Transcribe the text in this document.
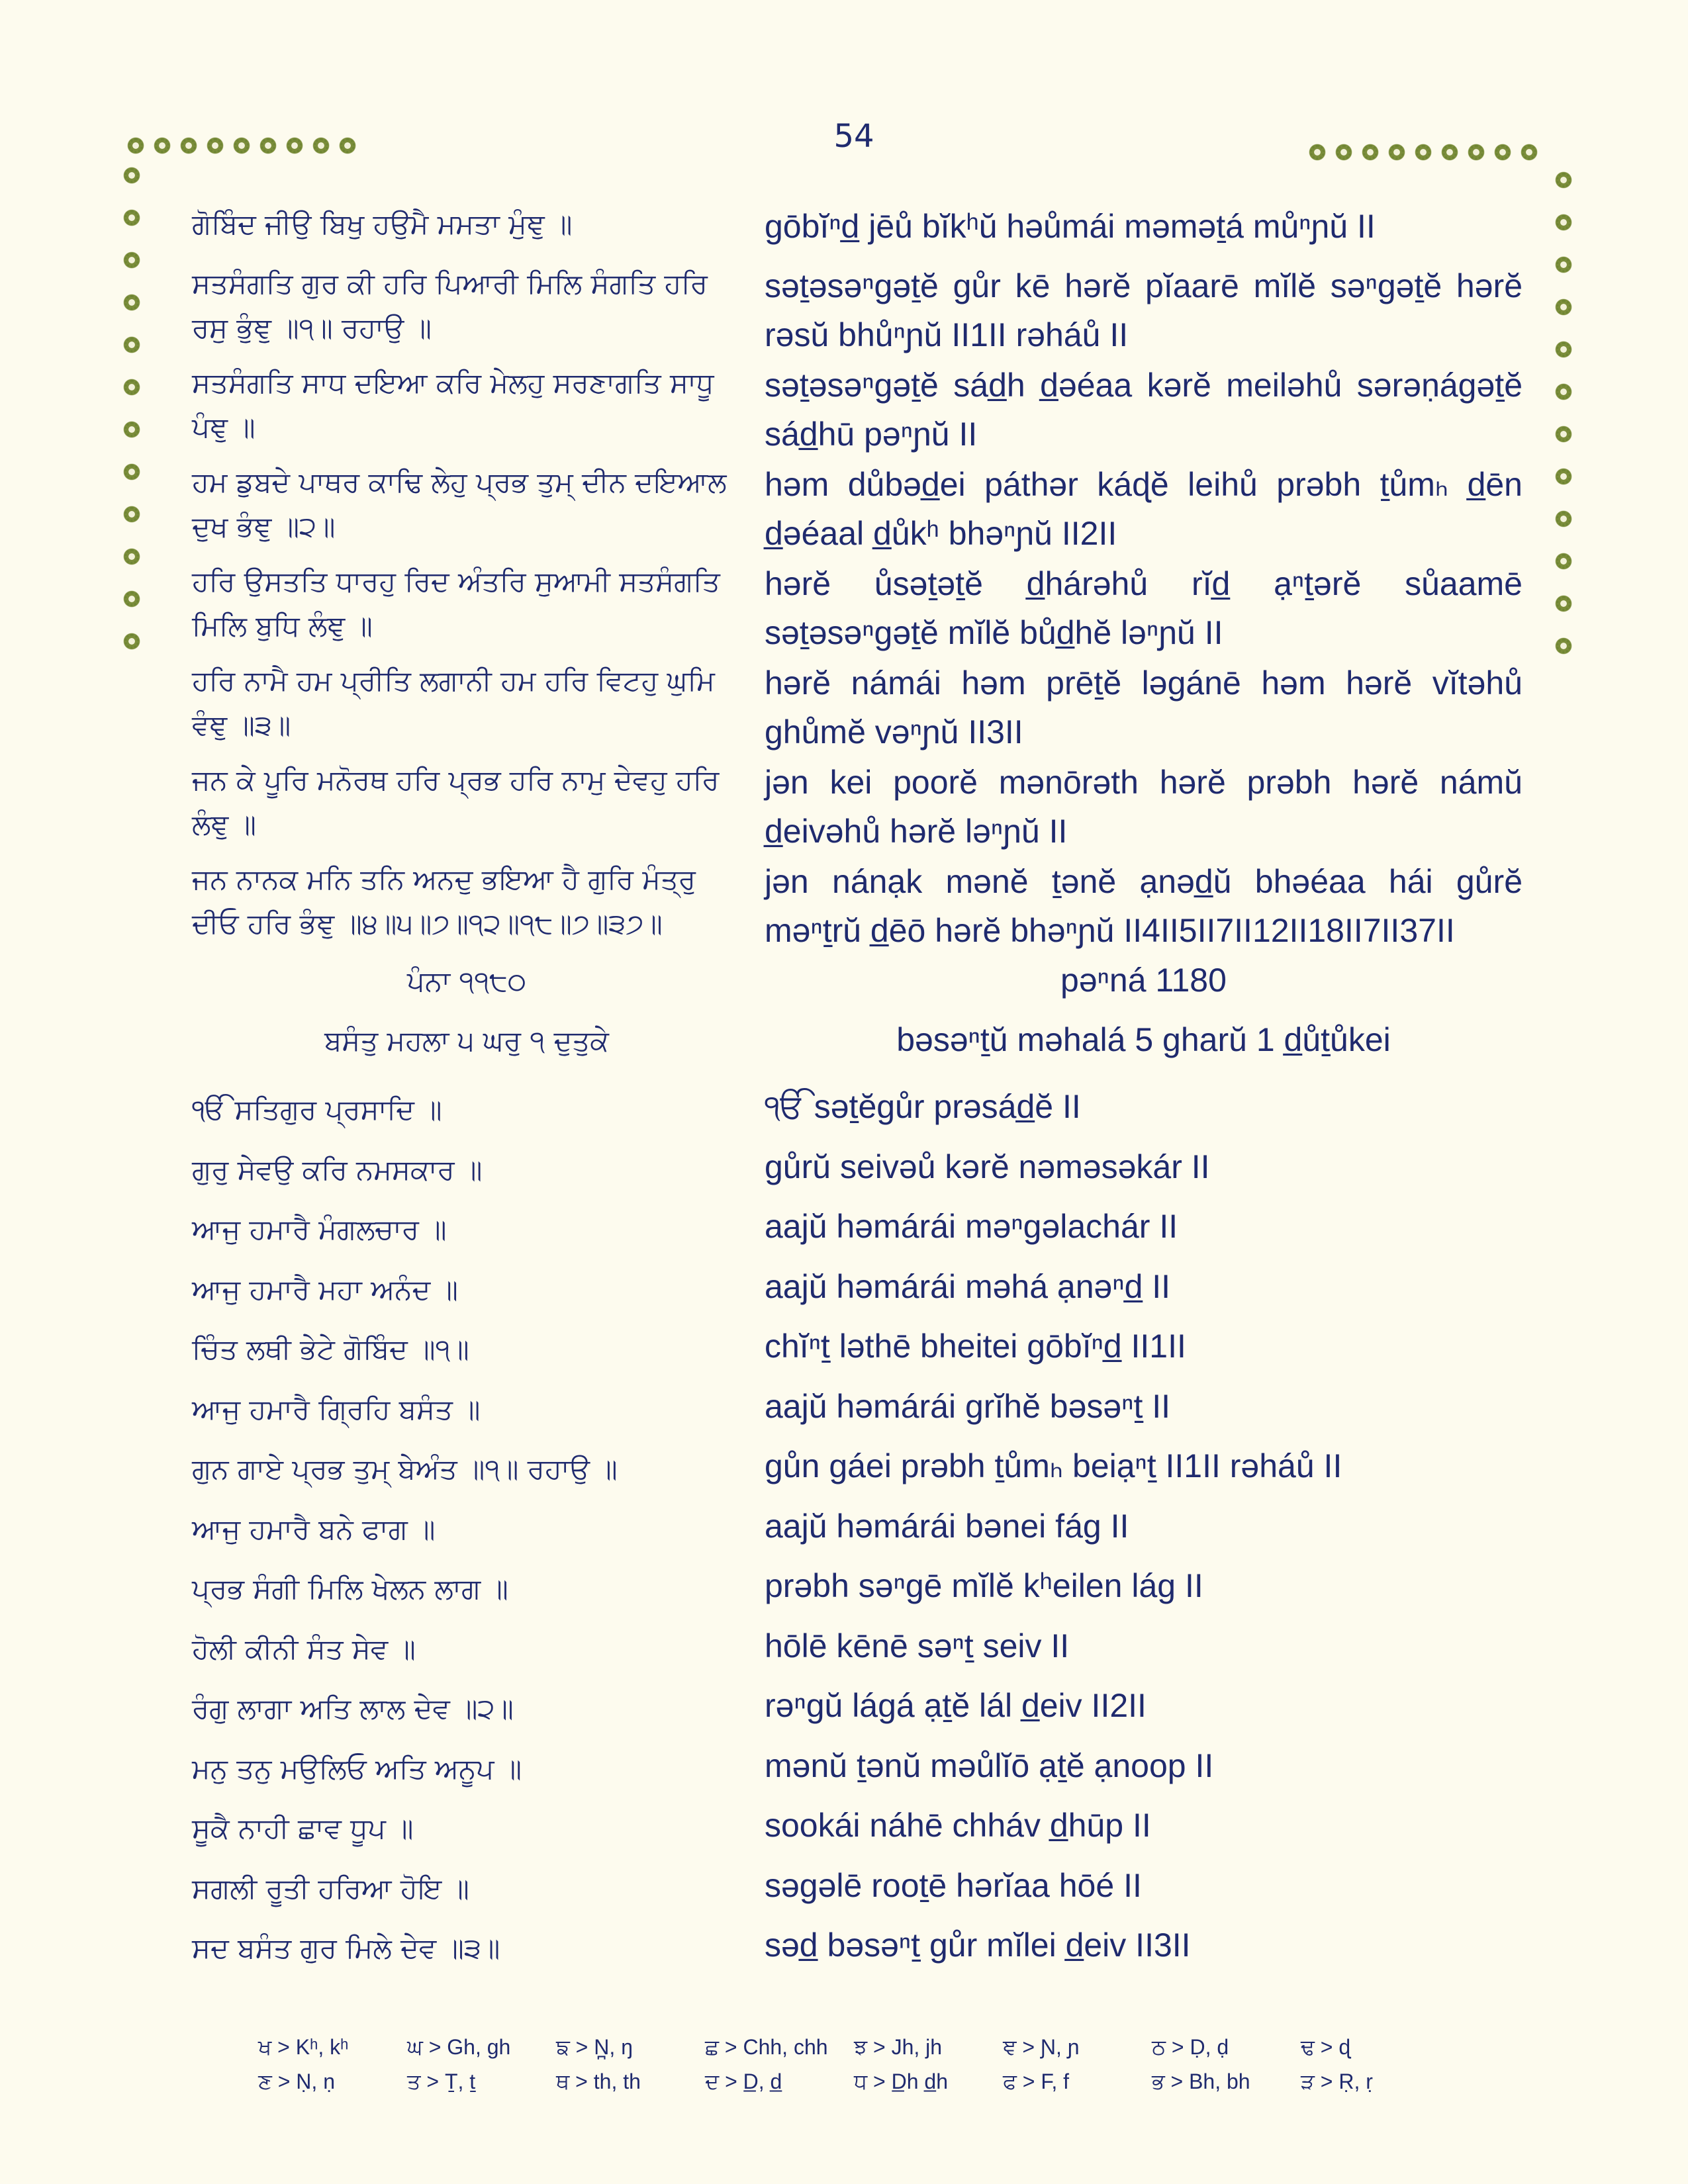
54
ਗੋਬਿੰਦ ਜੀਉ ਬਿਖੁ ਹਉਮੈ ਮਮਤਾ ਮੁੰਞੁ ॥	gōbĭⁿd̲ jēů bĭkʰŭ həůmái məməṯá můⁿɲŭ II
ਸਤਸੰਗਤਿ ਗੁਰ ਕੀ ਹਰਿ ਪਿਆਰੀ ਮਿਲਿ ਸੰਗਤਿ ਹਰਿ ਰਸੁ ਭੁੰਞੁ ॥੧॥ ਰਹਾਉ ॥
səṯəsəⁿgəṯĕ gůr kē hərĕ pĭaarē mĭlĕ səⁿgəṯĕ hərĕ rəsŭ bhůⁿɲŭ II1II rəháů II
ਸਤਸੰਗਤਿ ਸਾਧ ਦਇਆ ਕਰਿ ਮੇਲਹੁ ਸਰਣਾਗਤਿ ਸਾਧੂ ਪੰਞੁ ॥
səṯəsəⁿgəṯĕ sád̲h d̲əéaa kərĕ meiləhů sərəṇágəṯĕ sád̲hū pəⁿɲŭ II
ਹਮ ਡੁਬਦੇ ਪਾਥਰ ਕਾਢਿ ਲੇਹੁ ਪ੍ਰਭ ਤੁਮ੍ ਦੀਨ ਦਇਆਲ ਦੁਖ ਭੰਞੁ ॥੨॥
həm důbəd̲ei páthər káɖĕ leihů prəbh ṯůmₕ d̲ēn d̲əéaal d̲ůkʰ bhəⁿɲŭ II2II
ਹਰਿ ਉਸਤਤਿ ਧਾਰਹੁ ਰਿਦ ਅੰਤਰਿ ਸੁਆਮੀ ਸਤਸੰਗਤਿ ਮਿਲਿ ਬੁਧਿ ਲੰਞੁ ॥
hərĕ ůsəṯəṯĕ d̲hárəhů rĭd̲ ạⁿṯərĕ sůaamē səṯəsəⁿgəṯĕ mĭlĕ bůd̲hĕ ləⁿɲŭ II
ਹਰਿ ਨਾਮੈ ਹਮ ਪ੍ਰੀਤਿ ਲਗਾਨੀ ਹਮ ਹਰਿ ਵਿਟਹੁ ਘੁਮਿ ਵੰਞੁ ॥੩॥
hərĕ námái həm prēṯĕ ləgánē həm hərĕ vĭtəhů ghůmĕ vəⁿɲŭ II3II
ਜਨ ਕੇ ਪੂਰਿ ਮਨੋਰਥ ਹਰਿ ਪ੍ਰਭ ਹਰਿ ਨਾਮੁ ਦੇਵਹੁ ਹਰਿ ਲੰਞੁ ॥
jən kei poorĕ mənōrəth hərĕ prəbh hərĕ námŭ d̲eivəhů hərĕ ləⁿɲŭ II
ਜਨ ਨਾਨਕ ਮਨਿ ਤਨਿ ਅਨਦੁ ਭਇਆ ਹੈ ਗੁਰਿ ਮੰਤ੍ਰੁ ਦੀਓ ਹਰਿ ਭੰਞੁ ॥੪॥੫॥੭॥੧੨॥੧੮॥੭॥੩੭॥
jən nánạk mənĕ ṯənĕ ạnəd̲ŭ bhəéaa hái gůrĕ məⁿṯrŭ d̲ēō hərĕ bhəⁿɲŭ II4II5II7II12II18II7II37II
ਪੰਨਾ ੧੧੮੦	pəⁿná 1180
ਬਸੰਤੁ ਮਹਲਾ ੫ ਘਰੁ ੧ ਦੁਤੁਕੇ	bəsəⁿṯŭ məhalá 5 gharŭ 1 d̲ůṯůkei
ੴ ਸਤਿਗੁਰ ਪ੍ਰਸਾਦਿ ॥	ੴ səṯĕgůr prəsád̲ĕ II
ਗੁਰੁ ਸੇਵਉ ਕਰਿ ਨਮਸਕਾਰ ॥	gůrŭ seivəů kərĕ nəməsəkár II
ਆਜੁ ਹਮਾਰੈ ਮੰਗਲਚਾਰ ॥	aajŭ həmárái məⁿgəlachár II
ਆਜੁ ਹਮਾਰੈ ਮਹਾ ਅਨੰਦ ॥	aajŭ həmárái məhá ạnəⁿd̲ II
ਚਿੰਤ ਲਥੀ ਭੇਟੇ ਗੋਬਿੰਦ ॥੧॥	chĭⁿṯ ləthē bheitei gōbĭⁿd̲ II1II
ਆਜੁ ਹਮਾਰੈ ਗ੍ਰਿਹਿ ਬਸੰਤ ॥	aajŭ həmárái grĭhĕ bəsəⁿṯ II
ਗੁਨ ਗਾਏ ਪ੍ਰਭ ਤੁਮ੍ ਬੇਅੰਤ ॥੧॥ ਰਹਾਉ ॥	gůn gáei prəbh ṯůmₕ beiạⁿṯ II1II rəháů II
ਆਜੁ ਹਮਾਰੈ ਬਨੇ ਫਾਗ ॥	aajŭ həmárái bənei fág II
ਪ੍ਰਭ ਸੰਗੀ ਮਿਲਿ ਖੇਲਨ ਲਾਗ ॥	prəbh səⁿgē mĭlĕ kʰeilen lág II
ਹੋਲੀ ਕੀਨੀ ਸੰਤ ਸੇਵ ॥	hōlē kēnē səⁿṯ seiv II
ਰੰਗੁ ਲਾਗਾ ਅਤਿ ਲਾਲ ਦੇਵ ॥੨॥	rəⁿgŭ lágá ạṯĕ lál d̲eiv II2II
ਮਨੁ ਤਨੁ ਮਉਲਿਓ ਅਤਿ ਅਨੂਪ ॥	mənŭ ṯənŭ məůlĭō ạṯĕ ạnoop II
ਸੂਕੈ ਨਾਹੀ ਛਾਵ ਧੂਪ ॥	sookái náhē chháv d̲hūp II
ਸਗਲੀ ਰੂਤੀ ਹਰਿਆ ਹੋਇ ॥	səgəlē rooṯē hərĭaa hōé II
ਸਦ ਬਸੰਤ ਗੁਰ ਮਿਲੇ ਦੇਵ ॥੩॥	səd̲ bəsəⁿṯ gůr mĭlei d̲eiv II3II
ਖ > Kʰ, kʰ	ਘ > Gh, gh	ਙ > N̪, ŋ	ਛ > Chh, chh	ਝ > Jh, jh	ਞ > Ɲ, ɲ	ਠ > Ḍ, ḍ	ਢ > ɖ
ਣ > Ṇ, ṇ	ਤ > Ṯ, ṯ	ਥ > th, th	ਦ > D̲, d̲	ਧ > D̲h d̲h	ਫ > F, f	ਭ > Bh, bh	ੜ > Ṛ, ṛ
